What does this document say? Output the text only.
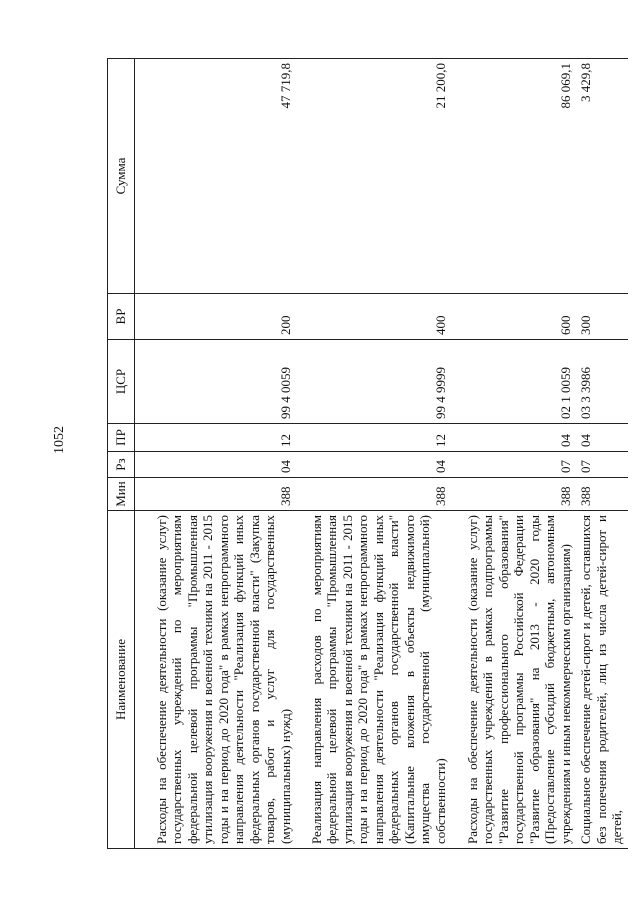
1052
Наименование	Мин	Рз	ПР	ЦСР	ВР	Сумма
Расходы на обеспечение деятельности (оказание услуг) государственных учреждений по мероприятиям федеральной целевой программы "Промышленная утилизация вооружения и военной техники на 2011 - 2015 годы и на период до 2020 года" в рамках непрограммного направления деятельности "Реализация функций иных федеральных органов государственной власти" (Закупка товаров, работ и услуг для государственных (муниципальных) нужд)	388	04	12	99 4 0059	200	47 719,8
Реализация направления расходов по мероприятиям федеральной целевой программы "Промышленная утилизация вооружения и военной техники на 2011 - 2015 годы и на период до 2020 года" в рамках непрограммного направления деятельности "Реализация функций иных федеральных органов государственной власти" (Капитальные вложения в объекты недвижимого имущества государственной (муниципальной) собственности)	388	04	12	99 4 9999	400	21 200,0
Расходы на обеспечение деятельности (оказание услуг) государственных учреждений в рамках подпрограммы "Развитие профессионального образования" государственной программы Российской Федерации "Развитие образования" на 2013 - 2020 годы (Предоставление субсидий бюджетным, автономным учреждениям и иным некоммерческим организациям)	388	07	04	02 1 0059	600	86 069,1
Социальное обеспечение детей-сирот и детей, оставшихся без попечения родителей, лиц из числа детей-сирот и детей,	388	07	04	03 3 3986	300	3 429,8
